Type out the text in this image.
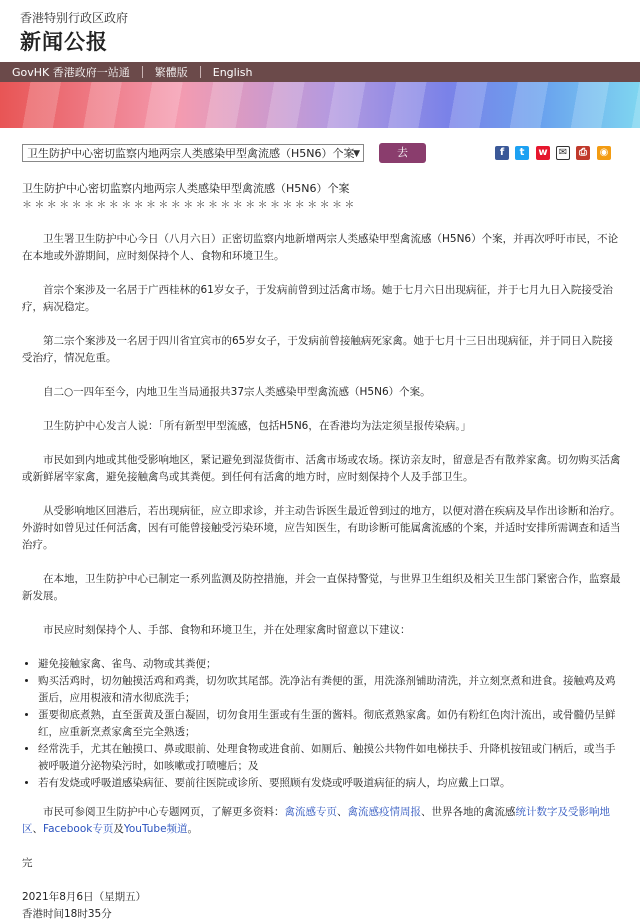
香港特别行政区政府
新闻公报
GovHK 香港政府一站通 繁體版 English
卫生防护中心密切监察内地两宗人类感染甲型禽流感（H5N6）个案
▼	去	f	t	w ✉	⎙	◉
卫生防护中心密切监察内地两宗人类感染甲型禽流感（H5N6）个案
＊＊＊＊＊＊＊＊＊＊＊＊＊＊＊＊＊＊＊＊＊＊＊＊＊＊＊

卫生署卫生防护中心今日（八月六日）正密切监察内地新增两宗人类感染甲型禽流感（H5N6）个案，并再次呼吁市民，不论在本地或外游期间，应时刻保持个人、食物和环境卫生。

首宗个案涉及一名居于广西桂林的61岁女子，于发病前曾到过活禽市场。她于七月六日出现病征，并于七月九日入院接受治疗，病况稳定。

第二宗个案涉及一名居于四川省宜宾市的65岁女子，于发病前曾接触病死家禽。她于七月十三日出现病征，并于同日入院接受治疗，情况危重。

自二○一四年至今，内地卫生当局通报共37宗人类感染甲型禽流感（H5N6）个案。

卫生防护中心发言人说：「所有新型甲型流感，包括H5N6，在香港均为法定须呈报传染病。」

市民如到内地或其他受影响地区，紧记避免到湿货街市、活禽市场或农场。探访亲友时，留意是否有散养家禽。切勿购买活禽或新鲜屠宰家禽，避免接触禽鸟或其粪便。到任何有活禽的地方时，应时刻保持个人及手部卫生。

从受影响地区回港后，若出现病征，应立即求诊，并主动告诉医生最近曾到过的地方，以便对潜在疾病及早作出诊断和治疗。外游时如曾见过任何活禽，因有可能曾接触受污染环境，应告知医生，有助诊断可能属禽流感的个案，并适时安排所需调查和适当治疗。

在本地，卫生防护中心已制定一系列监测及防控措施，并会一直保持警觉，与世界卫生组织及相关卫生部门紧密合作，监察最新发展。

市民应时刻保持个人、手部、食物和环境卫生，并在处理家禽时留意以下建议：

• 避免接触家禽、雀鸟、动物或其粪便；
• 购买活鸡时，切勿触摸活鸡和鸡粪，切勿吹其尾部。洗净沾有粪便的蛋，用洗涤剂铺助清洗，并立刻烹煮和进食。接触鸡及鸡蛋后，应用梘液和清水彻底洗手；
• 蛋要彻底煮熟，直至蛋黄及蛋白凝固，切勿食用生蛋或有生蛋的酱料。彻底煮熟家禽。如仍有粉红色肉汁流出，或骨髓仍呈鲜红，应重新烹煮家禽至完全熟透；
• 经常洗手，尤其在触摸口、鼻或眼前、处理食物或进食前、如厕后、触摸公共物件如电梯扶手、升降机按钮或门柄后，或当手被呼吸道分泌物染污时，如咳嗽或打喷嚏后；及
• 若有发烧或呼吸道感染病征、要前往医院或诊所、要照顾有发烧或呼吸道病征的病人，均应戴上口罩。

市民可参阅卫生防护中心专题网页，了解更多资料：禽流感专页、禽流感疫情周报、世界各地的禽流感统计数字及受影响地区、Facebook专页及YouTube频道。

完
2021年8月6日（星期五）
香港时间18时35分
